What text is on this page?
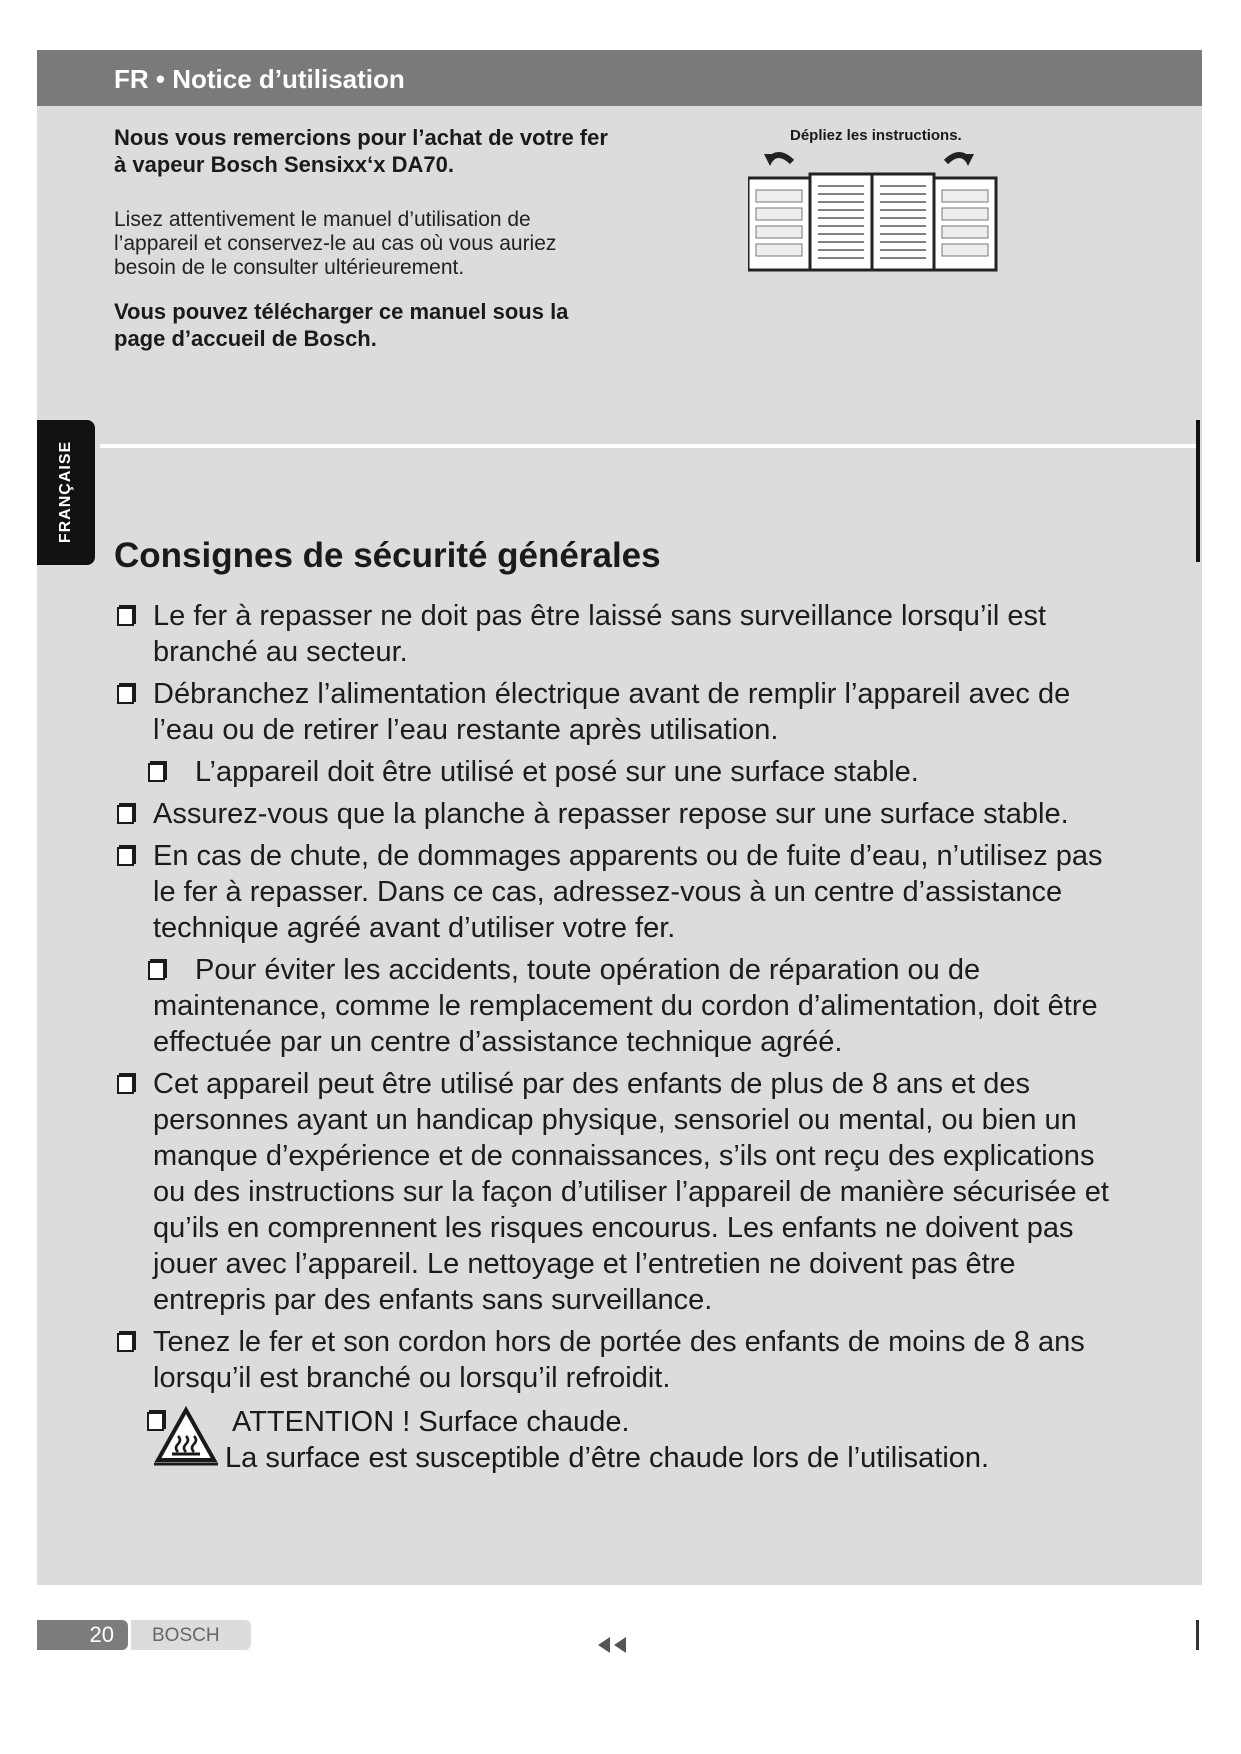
FR • Notice d’utilisation
Nous vous remercions pour l’achat de votre fer à vapeur Bosch Sensixx‘x DA70.
Lisez attentivement le manuel d’utilisation de l’appareil et conservez-le au cas où vous auriez besoin de le consulter ultérieurement.
Vous pouvez télécharger ce manuel sous la page d’accueil de Bosch.
Dépliez les instructions.
FRANÇAISE
Consignes de sécurité générales
Le fer à repasser ne doit pas être laissé sans surveillance lorsqu’il est branché au secteur.
Débranchez l’alimentation électrique avant de remplir l’appareil avec de l’eau ou de retirer l’eau restante après utilisation.
L’appareil doit être utilisé et posé sur une surface stable.
Assurez-vous que la planche à repasser repose sur une surface stable.
En cas de chute, de dommages apparents ou de fuite d’eau, n’utilisez pas le fer à repasser. Dans ce cas, adressez-vous à un centre d’assistance technique agréé avant d’utiliser votre fer.
Pour éviter les accidents, toute opération de réparation ou de maintenance, comme le remplacement du cordon d’alimentation, doit être effectuée par un centre d’assistance technique agréé.
Cet appareil peut être utilisé par des enfants de plus de 8 ans et des personnes ayant un handicap physique, sensoriel ou mental, ou bien un manque d’expérience et de connaissances, s’ils ont reçu des explications ou des instructions sur la façon d’utiliser l’appareil de manière sécurisée et qu’ils en comprennent les risques encourus. Les enfants ne doivent pas jouer avec l’appareil. Le nettoyage et l’entretien ne doivent pas être entrepris par des enfants sans surveillance.
Tenez le fer et son cordon hors de portée des enfants de moins de 8 ans lorsqu’il est branché ou lorsqu’il refroidit.
ATTENTION ! Surface chaude.
La surface est susceptible d’être chaude lors de l’utilisation.
20	BOSCH
